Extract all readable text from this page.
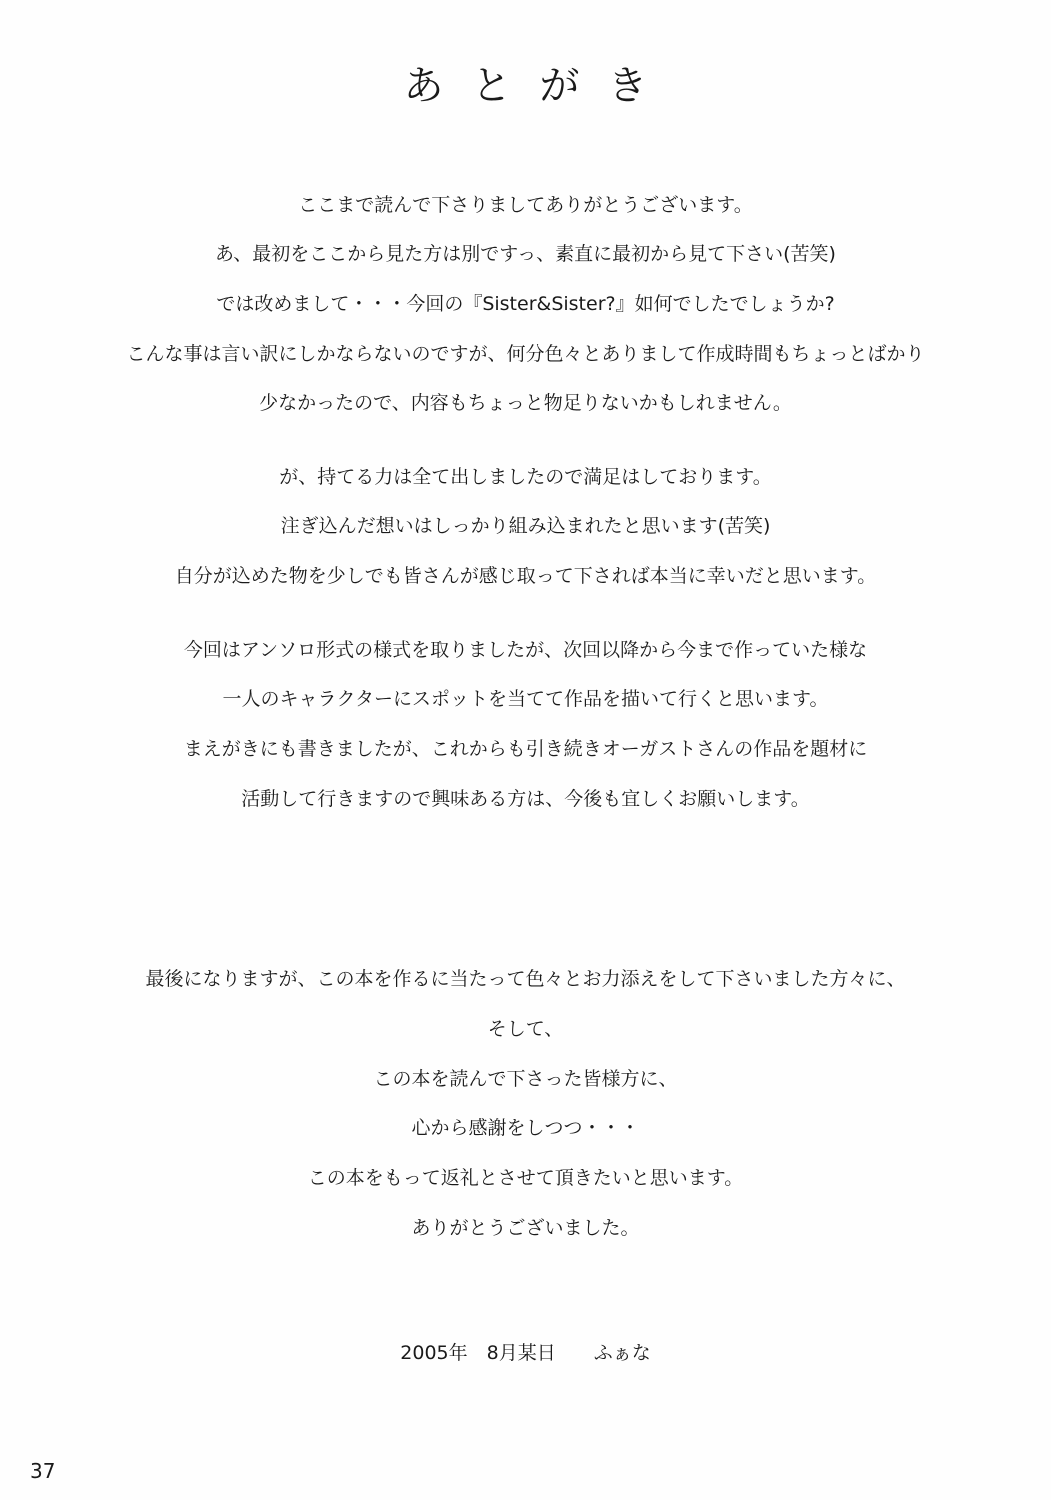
あとがき
ここまで読んで下さりましてありがとうございます。
あ、最初をここから見た方は別ですっ、素直に最初から見て下さい(苦笑)
では改めまして・・・今回の『Sister&Sister?』如何でしたでしょうか?
こんな事は言い訳にしかならないのですが、何分色々とありまして作成時間もちょっとばかり
少なかったので、内容もちょっと物足りないかもしれません。
が、持てる力は全て出しましたので満足はしております。
注ぎ込んだ想いはしっかり組み込まれたと思います(苦笑)
自分が込めた物を少しでも皆さんが感じ取って下されば本当に幸いだと思います。
今回はアンソロ形式の様式を取りましたが、次回以降から今まで作っていた様な
一人のキャラクターにスポットを当てて作品を描いて行くと思います。
まえがきにも書きましたが、これからも引き続きオーガストさんの作品を題材に
活動して行きますので興味ある方は、今後も宜しくお願いします。
最後になりますが、この本を作るに当たって色々とお力添えをして下さいました方々に、
そして、
この本を読んで下さった皆様方に、
心から感謝をしつつ・・・
この本をもって返礼とさせて頂きたいと思います。
ありがとうございました。
2005年　8月某日　　ふぁな
37
